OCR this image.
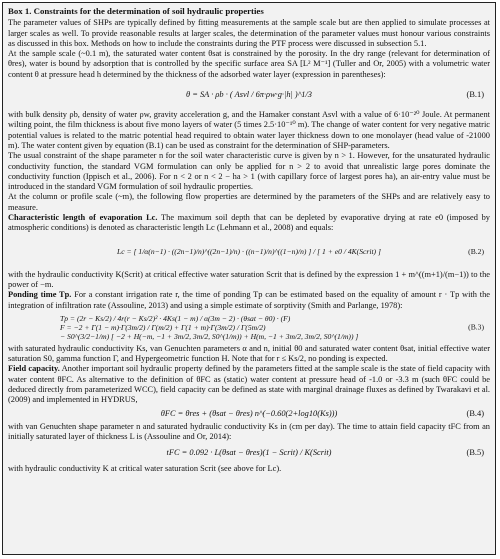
Box 1. Constraints for the determination of soil hydraulic properties

The parameter values of SHPs are typically defined by fitting measurements at the sample scale but are then applied to simulate processes at larger scales as well. To provide reasonable results at larger scales, the determination of the parameter values must honour various constraints as discussed in this box. Methods on how to include the constraints during the PTF process were discussed in subsection 5.1.

At the sample scale (~0.1 m), the saturated water content θsat is constrained by the porosity. In the dry range (relevant for determination of θres), water is bound by adsorption that is controlled by the specific surface area SA [L² M⁻¹] (Tuller and Or, 2005) with a volumetric water content θ at pressure head h determined by the thickness of the adsorbed water layer (expression in parentheses):

θ = SA · ρb · ( Asvl / 6π·ρw·g·|h| )^1/3	(B.1)

with bulk density ρb, density of water ρw, gravity acceleration g, and the Hamaker constant Asvl with a value of 6·10⁻²⁰ Joule. At permanent wilting point, the film thickness is about five mono layers of water (5 times 2.5·10⁻¹⁰ m). The change of water content for very negative matric potential values is related to the matric potential head required to obtain water layer thickness down to one monolayer (head value of -21000 m). The water content given by equation (B.1) can be used as constraint for the determination of SHP-parameters.

The usual constraint of the shape parameter n for the soil water characteristic curve is given by n > 1. However, for the unsaturated hydraulic conductivity function, the standard VGM formulation can only be applied for n > 2 to avoid that unrealistic large pores dominate the conductivity function (Ippisch et al., 2006). For n < 2 or n < 2 − ha > 1 (with capillary force of largest pores ha), an air-entry value must be introduced in the standard VGM formulation of soil hydraulic properties.

At the column or profile scale (~m), the following flow properties are determined by the parameters of the SHPs and are relatively easy to measure.

Characteristic length of evaporation Lc. The maximum soil depth that can be depleted by evaporative drying at rate e0 (imposed by atmospheric conditions) is denoted as characteristic length Lc (Lehmann et al., 2008) and equals:

Lc = [ 1/α(n−1) · ((2n−1)/n)^((2n−1)/n) · ((n−1)/n)^((1−n)/n) ] / [ 1 + e0 / 4K(Scrit) ]	(B.2)

with the hydraulic conductivity K(Scrit) at critical effective water saturation Scrit that is defined by the expression 1 + m^((m+1)/(m−1)) to the power of −m.

Ponding time Tp. For a constant irrigation rate r, the time of ponding Tp can be estimated based on the equality of amount r · Tp with the integration of infiltration rate (Assouline, 2013) and using a simple estimate of sorptivity (Smith and Parlange, 1978):

Tp = (2r − Ks/2) / 4r(r − Ks/2)² · 4Ks(1 − m) / α(3m − 2) · (θsat − θ0) · (F)
F = −2 + Γ(1 − m)·Γ(3m/2) / Γ(m/2) + Γ(1 + m)·Γ(3m/2) / Γ(5m/2)
− S0^(3/2−1/m) [ −2 + H(−m, −1 + 3m/2, 3m/2, S0^(1/m)) + H(m, −1 + 3m/2, 3m/2, S0^(1/m)) ]
(B.3)

with saturated hydraulic conductivity Ks, van Genuchten parameters α and n, initial θ0 and saturated water content θsat, initial effective water saturation S0, gamma function Γ, and Hypergeometric function H. Note that for r ≤ Ks/2, no ponding is expected.

Field capacity. Another important soil hydraulic property defined by the parameters fitted at the sample scale is the state of field capacity with water content θFC. As alternative to the definition of θFC as (static) water content at pressure head of -1.0 or -3.3 m (such θFC could be deduced directly from parameterized WCC), field capacity can be defined as state with marginal drainage fluxes as defined by Twarakavi et al. (2009) and implemented in HYDRUS,

θFC = θres + (θsat − θres) n^(−0.60(2+log10(Ks)))	(B.4)

with van Genuchten shape parameter n and saturated hydraulic conductivity Ks in (cm per day). The time to attain field capacity tFC from an initially saturated layer of thickness L is (Assouline and Or, 2014):

tFC = 0.092 · L(θsat − θres)(1 − Scrit) / K(Scrit)	(B.5)

with hydraulic conductivity K at critical water saturation Scrit (see above for Lc).
